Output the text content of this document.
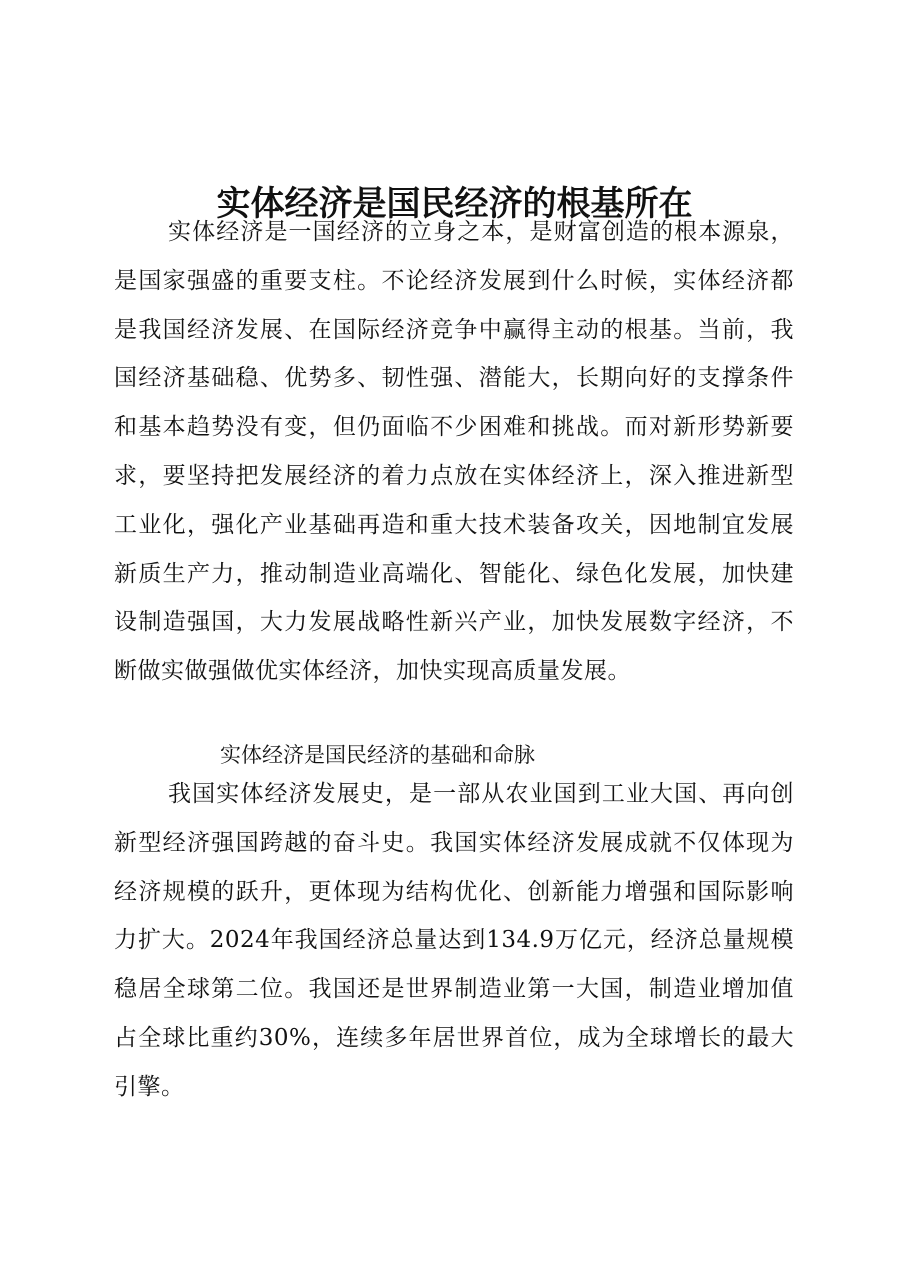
实体经济是国民经济的根基所在

实体经济是一国经济的立身之本，是财富创造的根本源泉，是国家强盛的重要支柱。不论经济发展到什么时候，实体经济都是我国经济发展、在国际经济竞争中赢得主动的根基。当前，我国经济基础稳、优势多、韧性强、潜能大，长期向好的支撑条件和基本趋势没有变，但仍面临不少困难和挑战。而对新形势新要求，要坚持把发展经济的着力点放在实体经济上，深入推进新型工业化，强化产业基础再造和重大技术装备攻关，因地制宜发展新质生产力，推动制造业高端化、智能化、绿色化发展，加快建设制造强国，大力发展战略性新兴产业，加快发展数字经济，不断做实做强做优实体经济，加快实现高质量发展。

实体经济是国民经济的基础和命脉

我国实体经济发展史，是一部从农业国到工业大国、再向创新型经济强国跨越的奋斗史。我国实体经济发展成就不仅体现为经济规模的跃升，更体现为结构优化、创新能力增强和国际影响力扩大。2024年我国经济总量达到134.9万亿元，经济总量规模稳居全球第二位。我国还是世界制造业第一大国，制造业增加值占全球比重约30%，连续多年居世界首位，成为全球增长的最大引擎。
